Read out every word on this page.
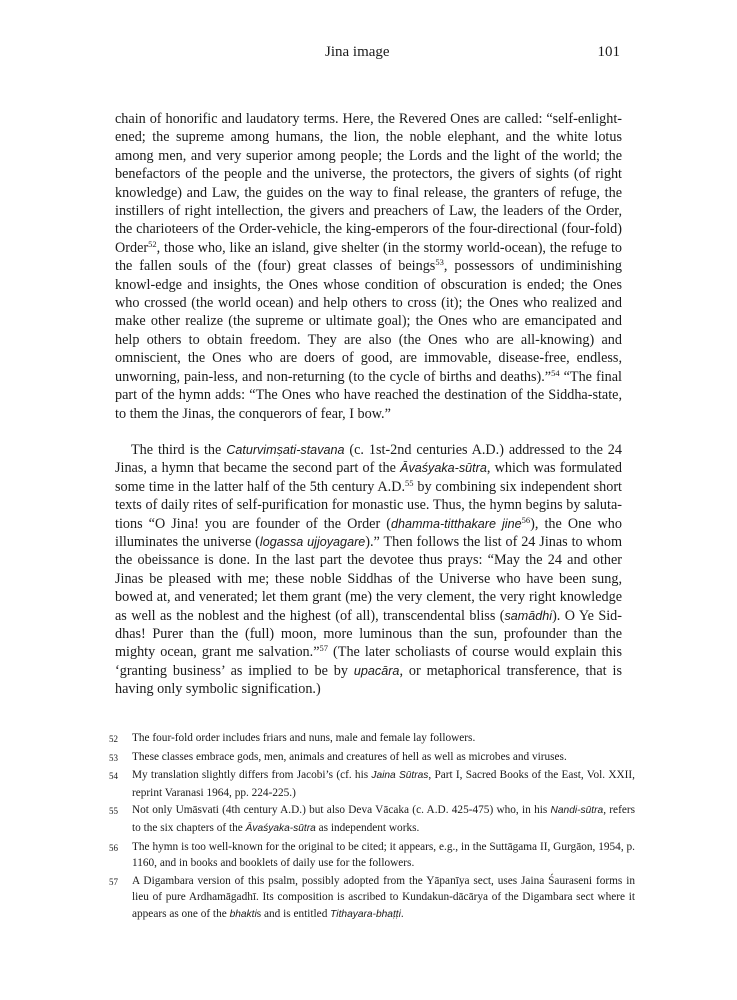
Jina image	101

chain of honorific and laudatory terms. Here, the Revered Ones are called: “self-enlight-ened; the supreme among humans, the lion, the noble elephant, and the white lotus among men, and very superior among people; the Lords and the light of the world; the benefactors of the people and the universe, the protectors, the givers of sights (of right knowledge) and Law, the guides on the way to final release, the granters of refuge, the instillers of right intellection, the givers and preachers of Law, the leaders of the Order, the charioteers of the Order-vehicle, the king-emperors of the four-directional (four-fold) Order$^{52}$, those who, like an island, give shelter (in the stormy world-ocean), the refuge to the fallen souls of the (four) great classes of beings$^{53}$, possessors of undiminishing knowl-edge and insights, the Ones whose condition of obscuration is ended; the Ones who crossed (the world ocean) and help others to cross (it); the Ones who realized and make other realize (the supreme or ultimate goal); the Ones who are emancipated and help others to obtain freedom. They are also (the Ones who are all-knowing) and omniscient, the Ones who are doers of good, are immovable, disease-free, endless, unworning, pain-less, and non-returning (to the cycle of births and deaths).”$^{54}$ “The final part of the hymn adds: “The Ones who have reached the destination of the Siddha-state, to them the Jinas, the conquerors of fear, I bow.”

The third is the Caturvimṣati-stavana (c. 1st-2nd centuries A.D.) addressed to the 24 Jinas, a hymn that became the second part of the Āvaśyaka-sūtra, which was formulated some time in the latter half of the 5th century A.D.$^{55}$ by combining six independent short texts of daily rites of self-purification for monastic use. Thus, the hymn begins by saluta-tions “O Jina! you are founder of the Order (dhamma-titthakare jine$^{56}$), the One who illuminates the universe (logassa ujjoyagare).” Then follows the list of 24 Jinas to whom the obeissance is done. In the last part the devotee thus prays: “May the 24 and other Jinas be pleased with me; these noble Siddhas of the Universe who have been sung, bowed at, and venerated; let them grant (me) the very clement, the very right knowledge as well as the noblest and the highest (of all), transcendental bliss (samādhi). O Ye Sid-dhas! Purer than the (full) moon, more luminous than the sun, profounder than the mighty ocean, grant me salvation.”$^{57}$ (The later scholiasts of course would explain this ‘granting business’ as implied to be by upacāra, or metaphorical transference, that is having only symbolic signification.)

52	The four-fold order includes friars and nuns, male and female lay followers.
53	These classes embrace gods, men, animals and creatures of hell as well as microbes and viruses.
54	My translation slightly differs from Jacobi’s (cf. his Jaina Sūtras, Part I, Sacred Books of the East, Vol. XXII, reprint Varanasi 1964, pp. 224-225.)
55	Not only Umāsvati (4th century A.D.) but also Deva Vācaka (c. A.D. 425-475) who, in his Nandi-sūtra, refers to the six chapters of the Āvaśyaka-sūtra as independent works.
56	The hymn is too well-known for the original to be cited; it appears, e.g., in the Suttāgama II, Gurgāon, 1954, p. 1160, and in books and booklets of daily use for the followers.
57	A Digambara version of this psalm, possibly adopted from the Yāpanīya sect, uses Jaina Śauraseni forms in lieu of pure Ardhamāgadhī. Its composition is ascribed to Kundakun-dācārya of the Digambara sect where it appears as one of the bhaktis and is entitled Tithayara-bhaṭṭi.
